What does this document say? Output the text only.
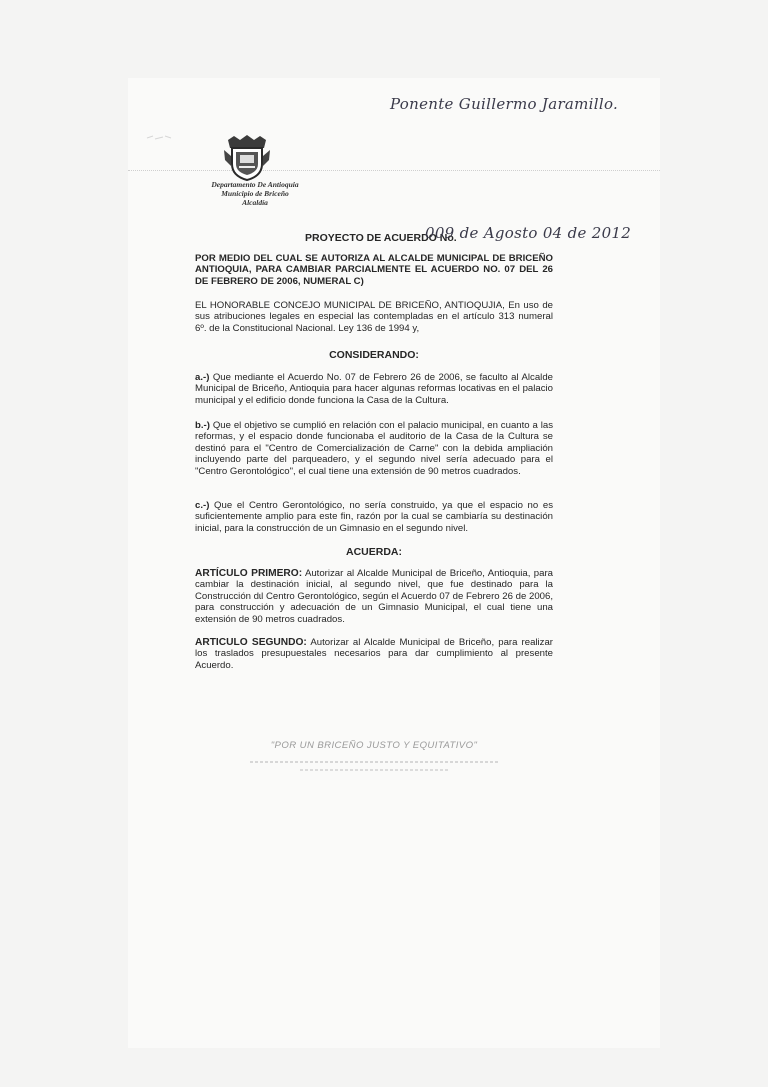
Ponente Guillermo Jaramillo.
Departamento De Antioquia
Municipio de Briceño
Alcaldía
PROYECTO DE ACUERDO No.
009 de Agosto 04 de 2012
POR MEDIO DEL CUAL SE AUTORIZA AL ALCALDE MUNICIPAL DE BRICEÑO ANTIOQUIA, PARA CAMBIAR PARCIALMENTE EL ACUERDO NO. 07 DEL 26 DE FEBRERO DE 2006, NUMERAL C)
EL HONORABLE CONCEJO MUNICIPAL DE BRICEÑO, ANTIOQUJIA, En uso de sus atribuciones legales en especial las contempladas en el artículo 313 numeral 6º. de la Constitucional Nacional. Ley 136 de 1994 y,
CONSIDERANDO:
a.-) Que mediante el Acuerdo No. 07 de Febrero 26 de 2006, se faculto al Alcalde Municipal de Briceño, Antioquia para hacer algunas reformas locativas en el palacio municipal y el edificio donde funciona la Casa de la Cultura.
b.-) Que el objetivo se cumplió en relación con el palacio municipal, en cuanto a las reformas, y el espacio donde funcionaba el auditorio de la Casa de la Cultura se destinó para el "Centro de Comercialización de Carne" con la debida ampliación incluyendo parte del parqueadero, y el segundo nivel sería adecuado para el "Centro Gerontológico", el cual tiene una extensión de 90 metros cuadrados.
c.-) Que el Centro Gerontológico, no sería construido, ya que el espacio no es suficientemente amplio para este fin, razón por la cual se cambiaría su destinación inicial, para la construcción de un Gimnasio en el segundo nivel.
ACUERDA:
ARTÍCULO PRIMERO: Autorizar al Alcalde Municipal de Briceño, Antioquia, para cambiar la destinación inicial, al segundo nivel, que fue destinado para la Construcción dɩl Centro Gerontológico, según el Acuerdo 07 de Febrero 26 de 2006, para construcción y adecuación de un Gimnasio Municipal, el cual tiene una extensión de 90 metros cuadrados.
ARTICULO SEGUNDO: Autorizar al Alcalde Municipal de Briceño, para realizar los traslados presupuestales necesarios para dar cumplimiento al presente Acuerdo.
"POR UN BRICEÑO JUSTO Y EQUITATIVO"
